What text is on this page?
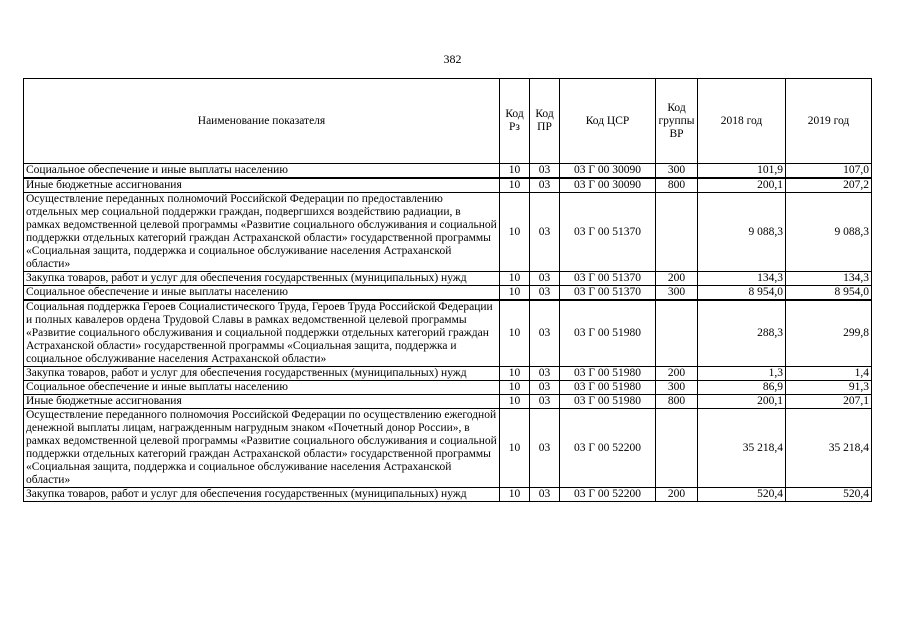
382
Наименование показателя	Код Рз	Код ПР	Код ЦСР	Код группы ВР	2018 год	2019 год
Социальное обеспечение и иные выплаты населению	10	03	03 Г 00 30090	300	101,9	107,0
Иные бюджетные ассигнования	10	03	03 Г 00 30090	800	200,1	207,2
Осуществление переданных полномочий Российской Федерации по предоставлению отдельных мер социальной поддержки граждан, подвергшихся воздействию радиации, в рамках ведомственной целевой программы «Развитие социального обслуживания и социальной поддержки отдельных категорий граждан Астраханской области» государственной программы «Социальная защита, поддержка и социальное обслуживание населения Астраханской области»	10	03	03 Г 00 51370		9 088,3	9 088,3
Закупка товаров, работ и услуг для обеспечения государственных (муниципальных) нужд	10	03	03 Г 00 51370	200	134,3	134,3
Социальное обеспечение и иные выплаты населению	10	03	03 Г 00 51370	300	8 954,0	8 954,0
Социальная поддержка Героев Социалистического Труда, Героев Труда Российской Федерации и полных кавалеров ордена Трудовой Славы в рамках ведомственной целевой программы «Развитие социального обслуживания и социальной поддержки отдельных категорий граждан Астраханской области» государственной программы «Социальная защита, поддержка и социальное обслуживание населения Астраханской области»	10	03	03 Г 00 51980		288,3	299,8
Закупка товаров, работ и услуг для обеспечения государственных (муниципальных) нужд	10	03	03 Г 00 51980	200	1,3	1,4
Социальное обеспечение и иные выплаты населению	10	03	03 Г 00 51980	300	86,9	91,3
Иные бюджетные ассигнования	10	03	03 Г 00 51980	800	200,1	207,1
Осуществление переданного полномочия Российской Федерации по осуществлению ежегодной денежной выплаты лицам, награжденным нагрудным знаком «Почетный донор России», в рамках ведомственной целевой программы «Развитие социального обслуживания и социальной поддержки отдельных категорий граждан Астраханской области» государственной программы «Социальная защита, поддержка и социальное обслуживание населения Астраханской области»	10	03	03 Г 00 52200		35 218,4	35 218,4
Закупка товаров, работ и услуг для обеспечения государственных (муниципальных) нужд	10	03	03 Г 00 52200	200	520,4	520,4
